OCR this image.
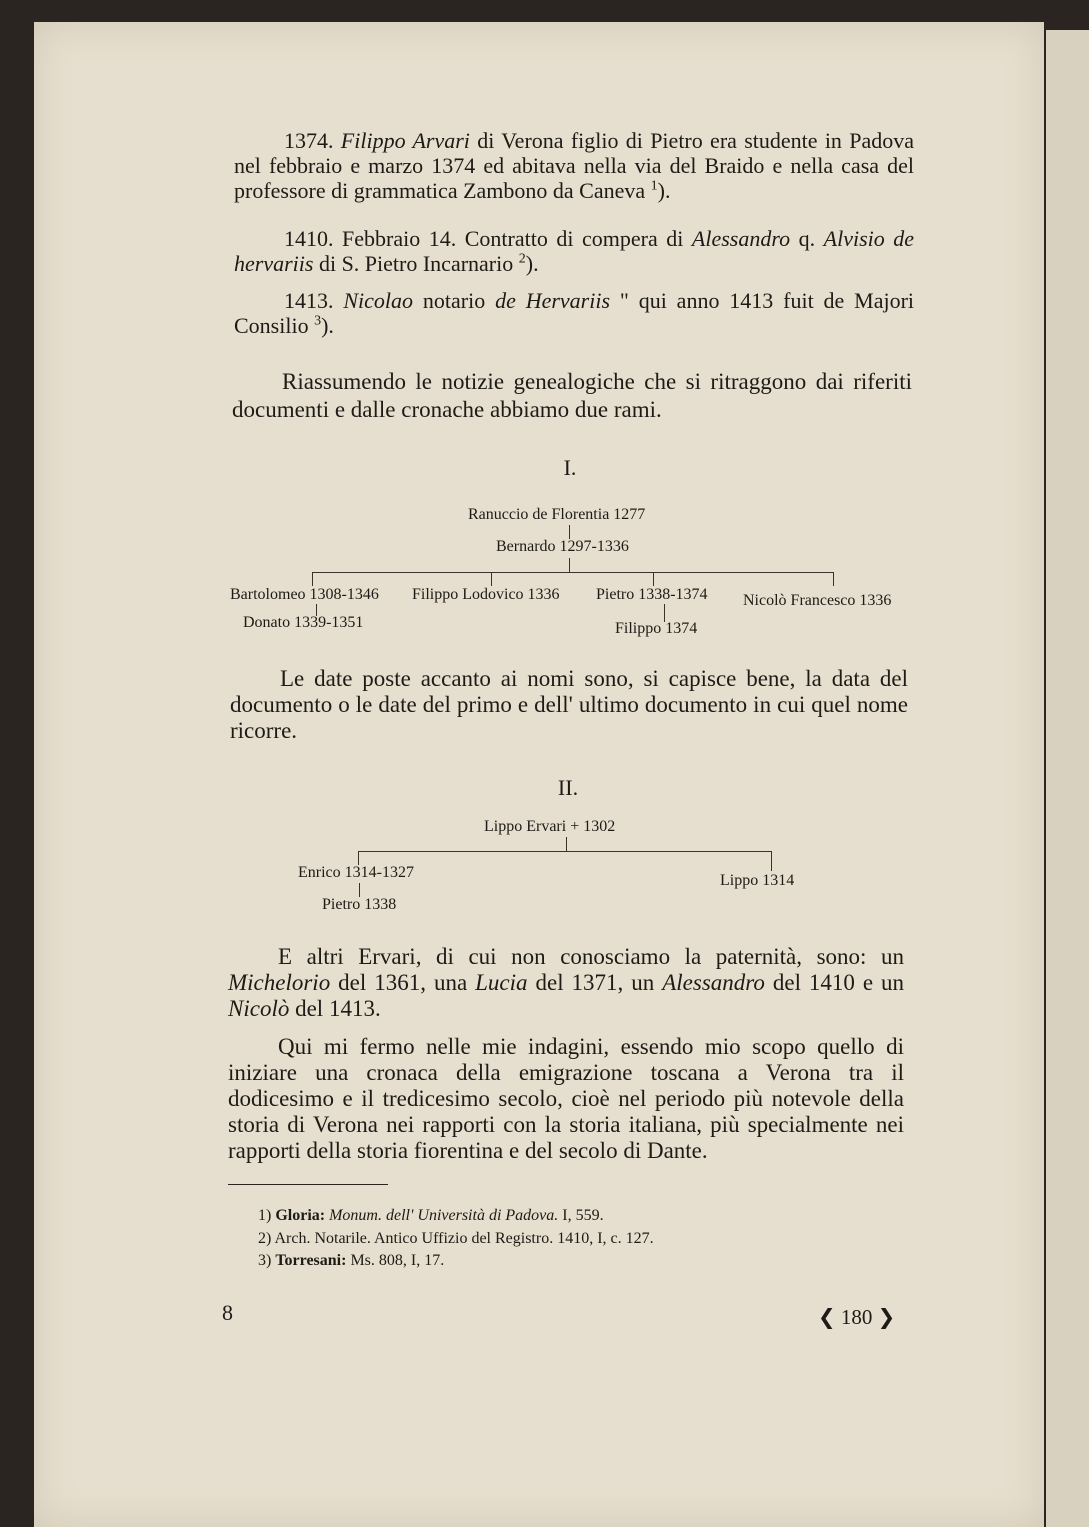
1374. Filippo Arvari di Verona figlio di Pietro era studente in Padova nel febbraio e marzo 1374 ed abitava nella via del Braido e nella casa del professore di grammatica Zambono da Caneva $^1$).

1410. Febbraio 14. Contratto di compera di Alessandro q. Alvisio de hervariis di S. Pietro Incarnario $^2$).

1413. Nicolao notario de Hervariis " qui anno 1413 fuit de Majori Consilio $^3$).

Riassumendo le notizie genealogiche che si ritraggono dai riferiti documenti e dalle cronache abbiamo due rami.

I.
Ranuccio de Florentia 1277
Bernardo 1297-1336
Bartolomeo 1308-1346 Filippo Lodovico 1336 Pietro 1338-1374 Nicolò Francesco 1336
Donato 1339-1351	Filippo 1374

Le date poste accanto ai nomi sono, si capisce bene, la data del documento o le date del primo e dell' ultimo documento in cui quel nome ricorre.

II.
Lippo Ervari + 1302
Enrico 1314-1327	Lippo 1314
Pietro 1338

E altri Ervari, di cui non conosciamo la paternità, sono: un Michelorio del 1361, una Lucia del 1371, un Alessandro del 1410 e un Nicolò del 1413.

Qui mi fermo nelle mie indagini, essendo mio scopo quello di iniziare una cronaca della emigrazione toscana a Verona tra il dodicesimo e il tredicesimo secolo, cioè nel periodo più notevole della storia di Verona nei rapporti con la storia italiana, più specialmente nei rapporti della storia fiorentina e del secolo di Dante.

1) Gloria: Monum. dell' Università di Padova. I, 559.
2) Arch. Notarile. Antico Uffizio del Registro. 1410, I, c. 127.
3) Torresani: Ms. 808, I, 17.
8	❮ 180 ❯
